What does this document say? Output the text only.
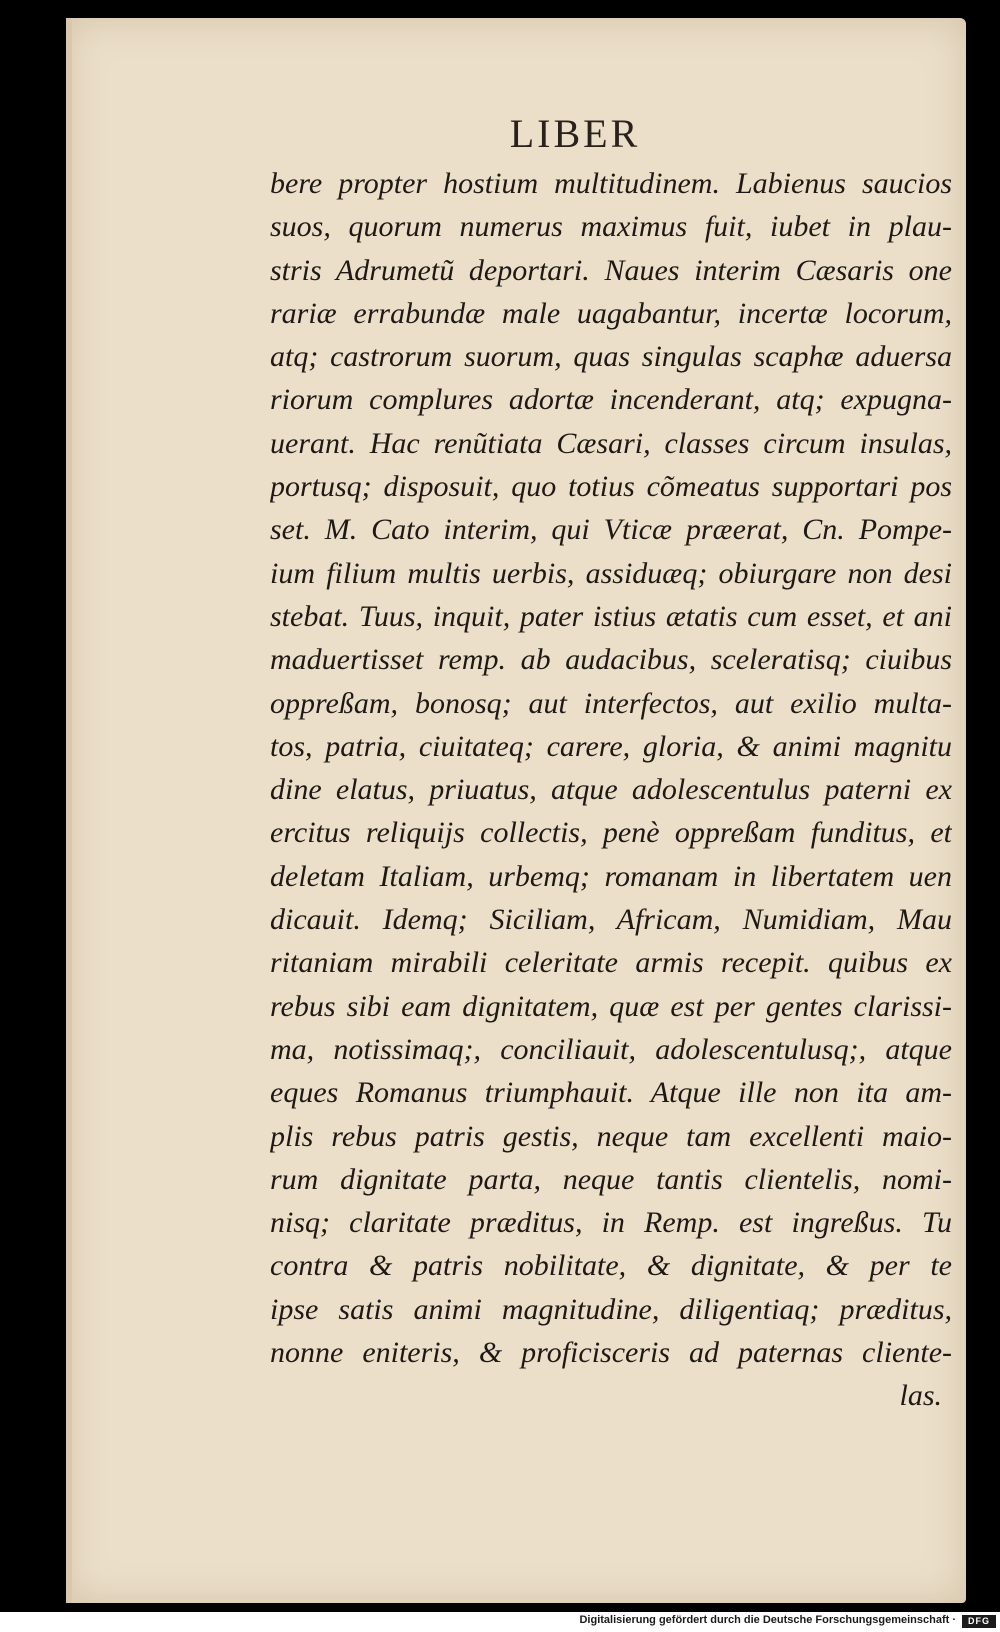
LIBER
bere propter hostium multitudinem. Labienus saucios
suos, quorum numerus maximus fuit, iubet in plau-
stris Adrumetũ deportari. Naues interim Cæsaris one
rariæ errabundæ male uagabantur, incertæ locorum,
atq; castrorum suorum, quas singulas scaphæ aduersa
riorum complures adortæ incenderant, atq; expugna-
uerant. Hac renũtiata Cæsari, classes circum insulas,
portusq; disposuit, quo totius cõmeatus supportari pos
set. M. Cato interim, qui Vticæ præerat, Cn. Pompe-
ium filium multis uerbis, assiduæq; obiurgare non desi
stebat. Tuus, inquit, pater istius ætatis cum esset, et ani
maduertisset remp. ab audacibus, sceleratisq; ciuibus
oppreßam, bonosq; aut interfectos, aut exilio multa-
tos, patria, ciuitateq; carere, gloria, & animi magnitu
dine elatus, priuatus, atque adolescentulus paterni ex
ercitus reliquijs collectis, penè oppreßam funditus, et
deletam Italiam, urbemq; romanam in libertatem uen
dicauit. Idemq; Siciliam, Africam, Numidiam, Mau
ritaniam mirabili celeritate armis recepit. quibus ex
rebus sibi eam dignitatem, quæ est per gentes clarissi-
ma, notissimaq;, conciliauit, adolescentulusq;, atque
eques Romanus triumphauit. Atque ille non ita am-
plis rebus patris gestis, neque tam excellenti maio-
rum dignitate parta, neque tantis clientelis, nomi-
nisq; claritate præditus, in Remp. est ingreßus. Tu
contra & patris nobilitate, & dignitate, & per te
ipse satis animi magnitudine, diligentiaq; præditus,
nonne eniteris, & proficisceris ad paternas cliente-
las.
Digitalisierung gefördert durch die Deutsche Forschungsgemeinschaft ·	DFG
